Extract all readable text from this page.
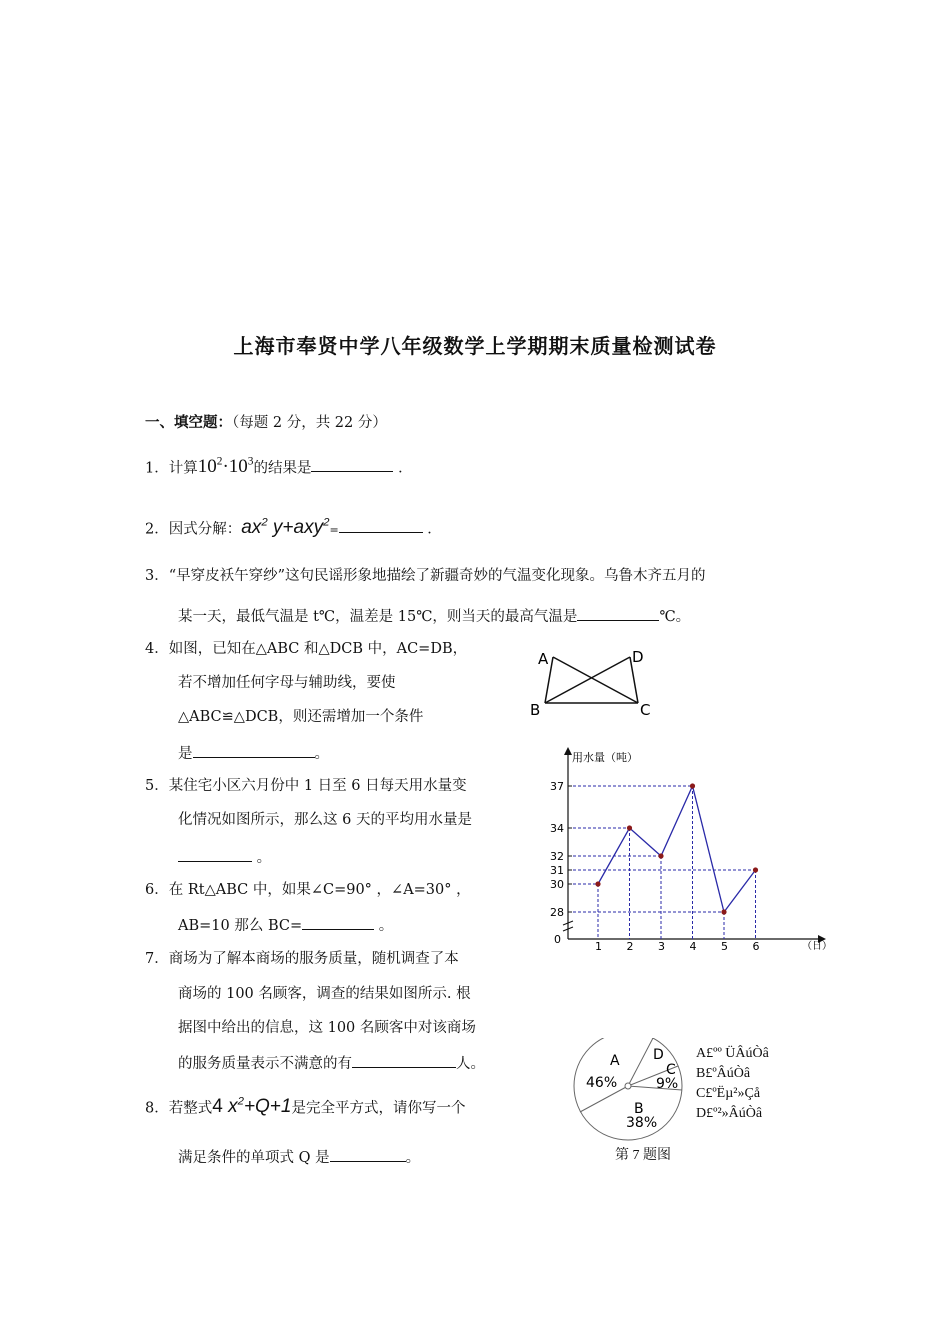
上海市奉贤中学八年级数学上学期期末质量检测试卷
一、填空题：（每题 2 分，共 22 分）
1．计算$10^2\cdot 10^3$的结果是	．
2．因式分解：$ax^2$ y+axy$^2$=	．
3．“早穿皮袄午穿纱”这句民谣形象地描绘了新疆奇妙的气温变化现象。乌鲁木齐五月的
某一天，最低气温是 t℃，温差是 15℃，则当天的最高气温是	℃。
4．如图，已知在△ABC 和△DCB 中，AC=DB，
若不增加任何字母与辅助线，要使
△ABC≌△DCB，则还需增加一个条件
是	。
A	D
B	C
5．某住宅小区六月份中 1 日至 6 日每天用水量变
化情况如图所示，那么这 6 天的平均用水量是
。
6．在 Rt△ABC 中，如果∠C=90° ，∠A=30° ，
AB=10 那么 BC=	。
7．商场为了解本商场的服务质量，随机调查了本
商场的 100 名顾客，调查的结果如图所示. 根
据图中给出的信息，这 100 名顾客中对该商场
的服务质量表示不满意的有	人。
8．若整式4 $x^2+Q+1$是完全平方式，请你写一个
满足条件的单项式 Q 是	。
用水量（吨）
（日）
37
34
32
31
30
28
0
1 2 3 4 5 6
A
46%
B
38%
C
9%
D A£ºº ÜÂúÒâ
B£ºÂúÒâ
C£ºËµ²»Çå
D£º²»ÂúÒâ
第 7 题图
